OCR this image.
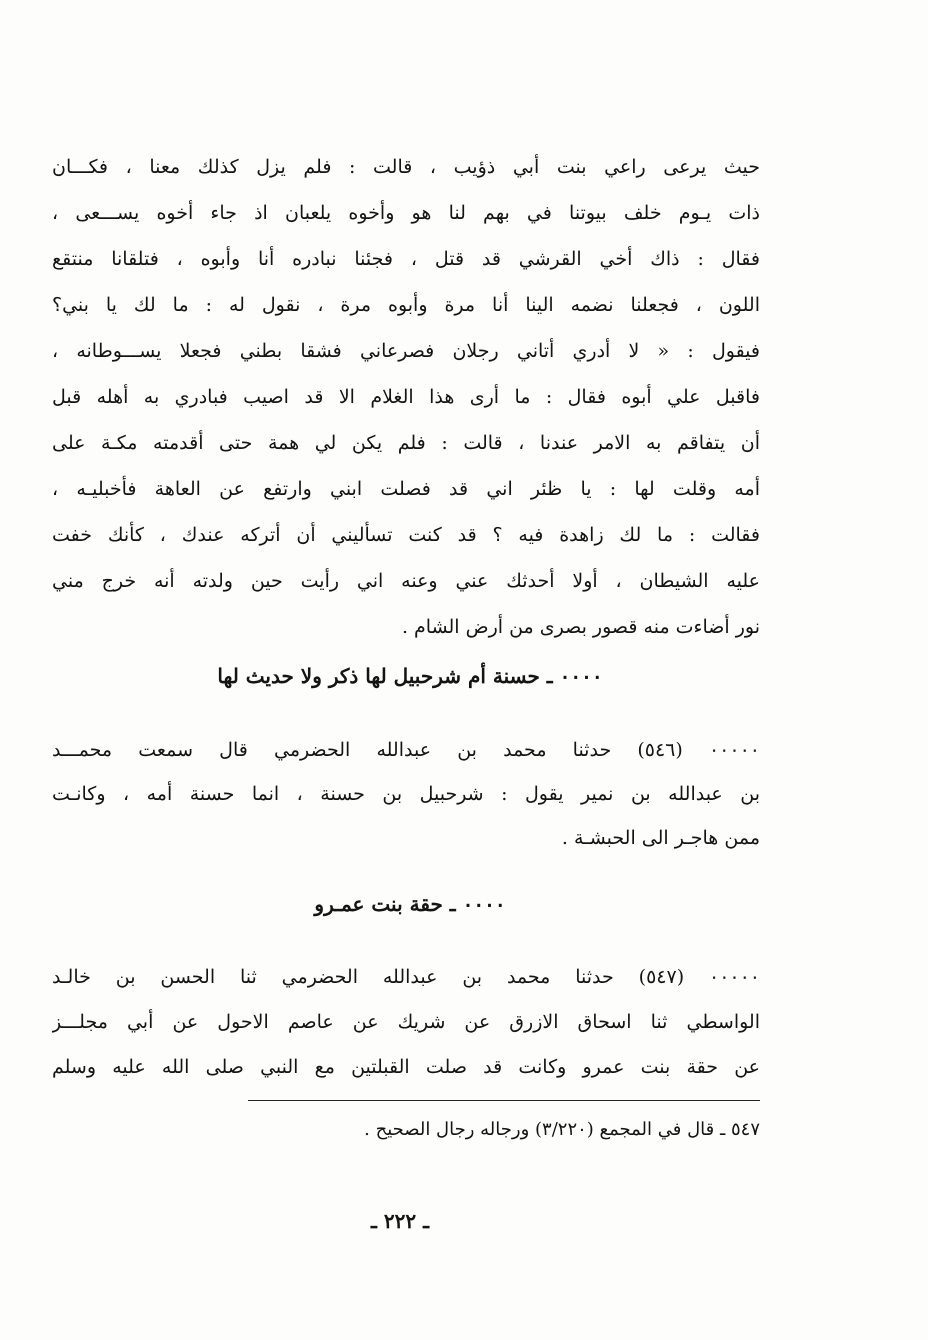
حيث يرعى راعي بنت أبي ذؤيب ، قالت : فلم يزل كذلك معنا ، فكـــان
ذات يـوم خلف بيوتنا في بهم لنا هو وأخوه يلعبان اذ جاء أخوه يســـعى ،
فقال : ذاك أخي القرشي قد قتل ، فجئنا نبادره أنا وأبوه ، فتلقانا منتقع
اللون ، فجعلنا نضمه الينا أنا مرة وأبوه مرة ، نقول له : ما لك يا بني؟
فيقول : « لا أدري أتاني رجلان فصرعاني فشقا بطني فجعلا يســـوطانه ،
فاقبل علي أبوه فقال : ما أرى هذا الغلام الا قد اصيب فبادري به أهله قبل
أن يتفاقم به الامر عندنا ، قالت : فلم يكن لي همة حتى أقدمته مكـة على
أمه وقلت لها : يا ظئر اني قد فصلت ابني وارتفع عن العاهة فأخبليـه ،
فقالت : ما لك زاهدة فيه ؟ قد كنت تسأليني أن أتركه عندك ، كأنك خفت
عليه الشيطان ، أولا أحدثك عني وعنه اني رأيت حين ولدته أنه خرج مني
نور أضاءت منه قصور بصرى من أرض الشام .
٠٠٠٠ ـ حسنة أم شرحبيل لها ذكر ولا حديث لها
٠٠٠٠٠ (٥٤٦) حدثنا محمد بن عبدالله الحضرمي قال سمعت محمـــد
بن عبدالله بن نمير يقول : شرحبيل بن حسنة ، انما حسنة أمه ، وكانـت
ممن هاجـر الى الحبشـة .
٠٠٠٠ ـ حقة بنت عمـرو
٠٠٠٠٠ (٥٤٧) حدثنا محمد بن عبدالله الحضرمي ثنا الحسن بن خالـد
الواسطي ثنا اسحاق الازرق عن شريك عن عاصم الاحول عن أبي مجلـــز
عن حقة بنت عمرو وكانت قد صلت القبلتين مع النبي صلى الله عليه وسلم
٥٤٧ ـ قال في المجمع (٣/٢٢٠) ورجاله رجال الصحيح .
ـ ٢٢٢ ـ
